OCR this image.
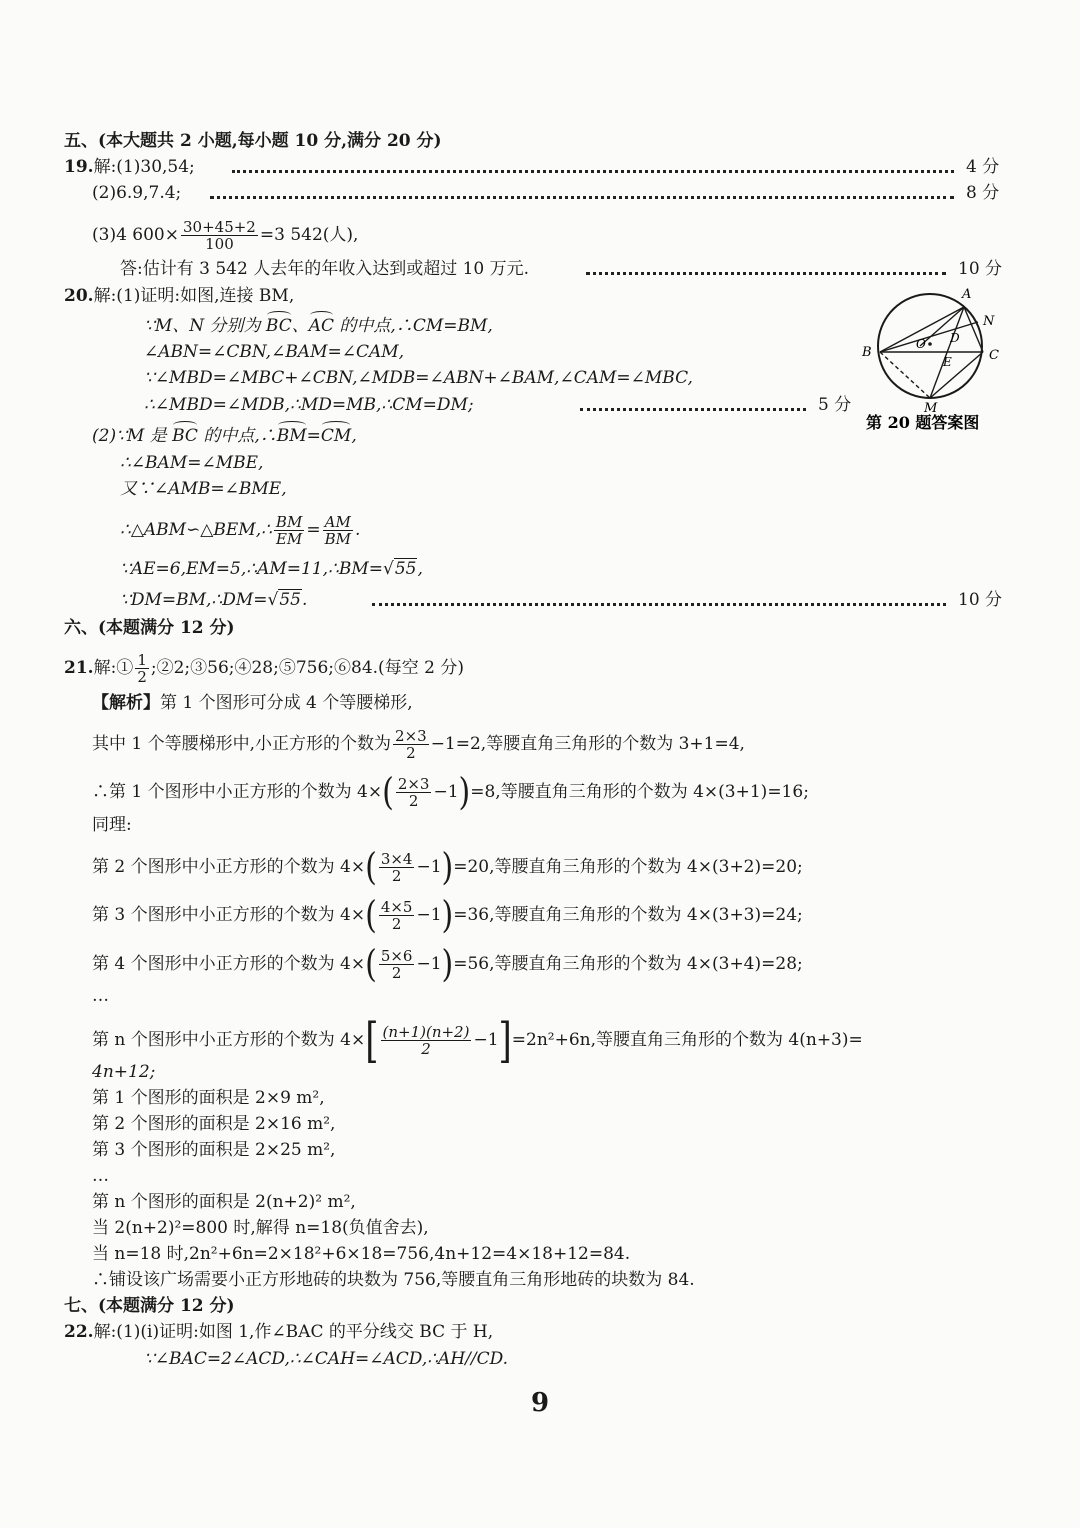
五、(本大题共 2 小题,每小题 10 分,满分 20 分)
19.解:(1)30,54;	4 分
(2)6.9,7.4;	8 分
(3)4 $600\times \frac{30+45+2}{100} =3$ 542(人),
答:估计有 3 542 人去年的年收入达到或超过 10 万元.	10 分
20.解:(1)证明:如图,连接 BM,
∵M、N 分别为 BC、AC 的中点,∴CM=BM,
∠ABN=∠CBN,∠BAM=∠CAM,
∵∠MBD=∠MBC+∠CBN,∠MDB=∠ABN+∠BAM,∠CAM=∠MBC,
∴∠MBD=∠MDB,∴MD=MB,∴CM=DM;	5 分
(2)∵M 是 BC 的中点,∴BM=CM,
∴∠BAM=∠MBE,
又∵∠AMB=∠BME,
∴△ABM∽△BEM,∴ $\frac{BM}{EM} = \frac{AM}{BM}$ .
∵AE=6,EM=5,∴AM=11,∴BM=√55,
∵DM=BM,∴DM=√55.	10 分
A
N
B	C
O D
E
M
第 20 题答案图
六、(本题满分 12 分)
21.解:① $\frac{1}{2}$ ;②2;③56;④28;⑤756;⑥84.(每空 2 分)
【解析】第 1 个图形可分成 4 个等腰梯形,
其中 1 个等腰梯形中,小正方形的个数为 $\frac{2\times 3}{2} -1=2$,等腰直角三角形的个数为 3+1=4,
∴第 1 个图形中小正方形的个数为 $4\times( \frac{2\times 3}{2} -1)=8$,等腰直角三角形的个数为 4×(3+1)=16;
同理:
第 2 个图形中小正方形的个数为 $4\times( \frac{3\times 4}{2} -1)=20$,等腰直角三角形的个数为 4×(3+2)=20;
第 3 个图形中小正方形的个数为 $4\times( \frac{4\times 5}{2} -1)=36$,等腰直角三角形的个数为 4×(3+3)=24;
第 4 个图形中小正方形的个数为 $4\times( \frac{5\times 6}{2} -1)=56$,等腰直角三角形的个数为 4×(3+4)=28;
…
第 n 个图形中小正方形的个数为 $4\times[ \frac{(n+1)(n+2)}{2} -1]=2n^2+6n$,等腰直角三角形的个数为 4(n+3)=
4n+12;
第 1 个图形的面积是 2×9 m²,
第 2 个图形的面积是 2×16 m²,
第 3 个图形的面积是 2×25 m²,
…
第 n 个图形的面积是 2(n+2)² m²,
当 2(n+2)²=800 时,解得 n=18(负值舍去),
当 n=18 时,2n²+6n=2×18²+6×18=756,4n+12=4×18+12=84.
∴铺设该广场需要小正方形地砖的块数为 756,等腰直角三角形地砖的块数为 84.
七、(本题满分 12 分)
22.解:(1)(i)证明:如图 1,作∠BAC 的平分线交 BC 于 H,
∵∠BAC=2∠ACD,∴∠CAH=∠ACD,∴AH//CD.
9
